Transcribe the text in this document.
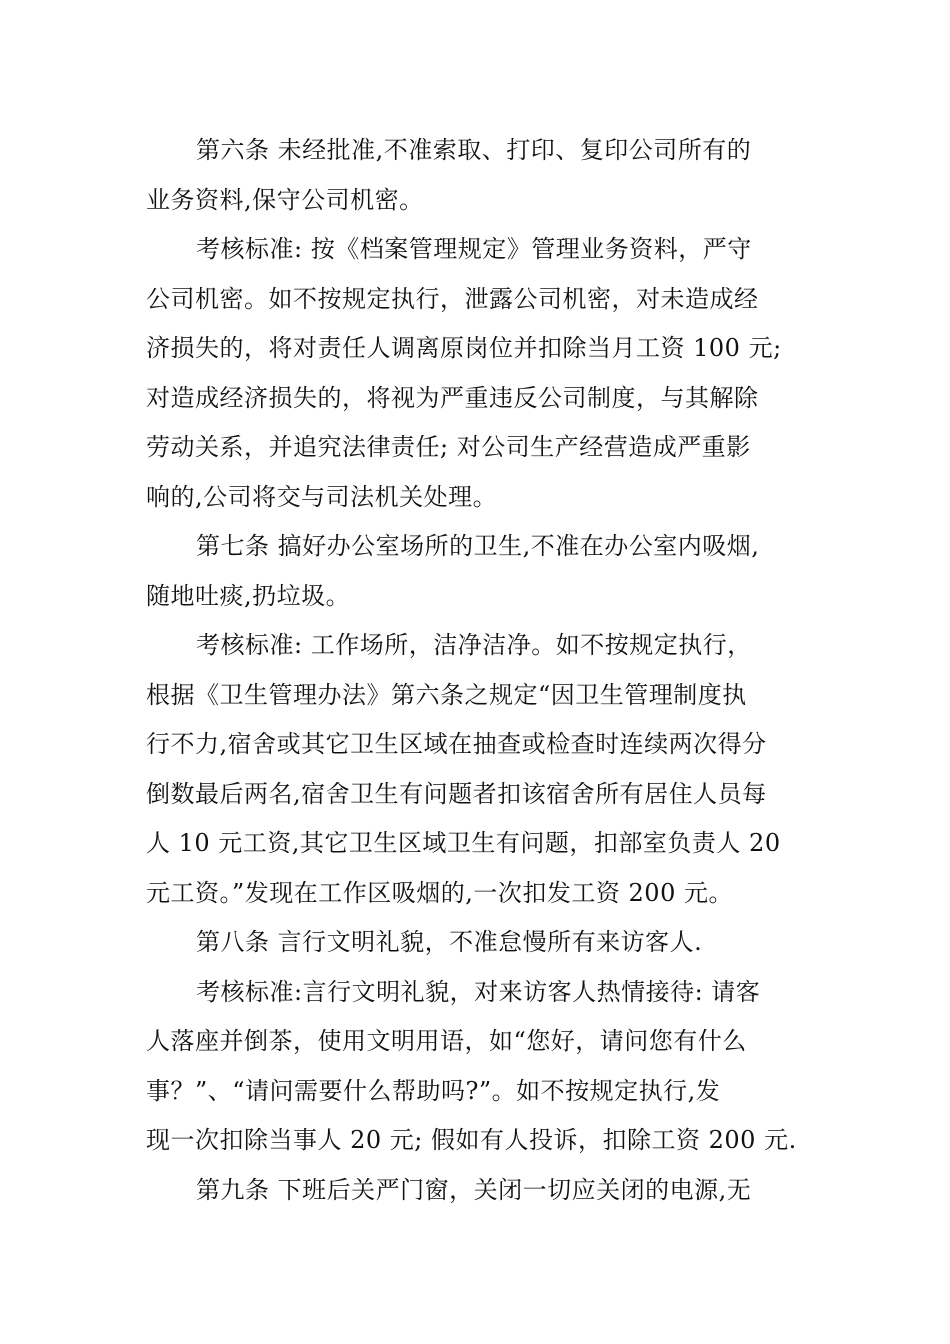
第六条 未经批准,不准索取、打印、复印公司所有的
业务资料,保守公司机密。
考核标准: 按《档案管理规定》管理业务资料，严守
公司机密。如不按规定执行，泄露公司机密，对未造成经
济损失的，将对责任人调离原岗位并扣除当月工资 100 元;
对造成经济损失的，将视为严重违反公司制度，与其解除
劳动关系，并追究法律责任; 对公司生产经营造成严重影
响的,公司将交与司法机关处理。
第七条 搞好办公室场所的卫生,不准在办公室内吸烟,
随地吐痰,扔垃圾。
考核标准: 工作场所，洁净洁净。如不按规定执行，
根据《卫生管理办法》第六条之规定“因卫生管理制度执
行不力,宿舍或其它卫生区域在抽查或检查时连续两次得分
倒数最后两名,宿舍卫生有问题者扣该宿舍所有居住人员每
人 10 元工资,其它卫生区域卫生有问题，扣部室负责人 20
元工资。”发现在工作区吸烟的,一次扣发工资 200 元。
第八条 言行文明礼貌，不准怠慢所有来访客人.
考核标准:言行文明礼貌，对来访客人热情接待: 请客
人落座并倒茶，使用文明用语，如“您好，请问您有什么
事？”、“请问需要什么帮助吗?”。如不按规定执行,发
现一次扣除当事人 20 元; 假如有人投诉，扣除工资 200 元.
第九条 下班后关严门窗，关闭一切应关闭的电源,无
